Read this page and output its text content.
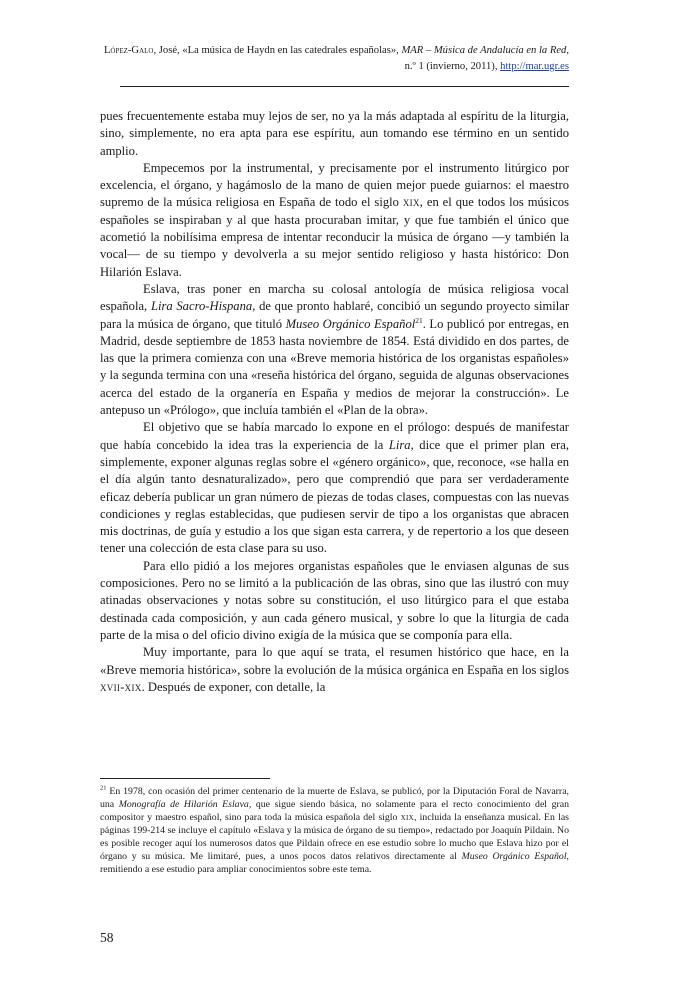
López-Galo, José, «La música de Haydn en las catedrales españolas», MAR – Música de Andalucía en la Red, n.º 1 (invierno, 2011), http://mar.ugr.es

pues frecuentemente estaba muy lejos de ser, no ya la más adaptada al espíritu de la liturgia, sino, simplemente, no era apta para ese espíritu, aun tomando ese término en un sentido amplio.

Empecemos por la instrumental, y precisamente por el instrumento litúrgico por excelencia, el órgano, y hagámoslo de la mano de quien mejor puede guiarnos: el maestro supremo de la música religiosa en España de todo el siglo xix, en el que todos los músicos españoles se inspiraban y al que hasta procuraban imitar, y que fue también el único que acometió la nobilísima empresa de intentar reconducir la música de órgano —y también la vocal— de su tiempo y devolverla a su mejor sentido religioso y hasta histórico: Don Hilarión Eslava.

Eslava, tras poner en marcha su colosal antología de música religiosa vocal española, Lira Sacro-Hispana, de que pronto hablaré, concibió un segundo proyecto similar para la música de órgano, que tituló Museo Orgánico Español$^{21}$. Lo publicó por entregas, en Madrid, desde septiembre de 1853 hasta noviembre de 1854. Está dividido en dos partes, de las que la primera comienza con una «Breve memoria histórica de los organistas españoles» y la segunda termina con una «reseña histórica del órgano, seguida de algunas observaciones acerca del estado de la organería en España y medios de mejorar la construcción». Le antepuso un «Prólogo», que incluía también el «Plan de la obra».

El objetivo que se había marcado lo expone en el prólogo: después de manifestar que había concebido la idea tras la experiencia de la Lira, dice que el primer plan era, simplemente, exponer algunas reglas sobre el «género orgánico», que, reconoce, «se halla en el día algún tanto desnaturalizado», pero que comprendió que para ser verdaderamente eficaz debería publicar un gran número de piezas de todas clases, compuestas con las nuevas condiciones y reglas establecidas, que pudiesen servir de tipo a los organistas que abracen mis doctrinas, de guía y estudio a los que sigan esta carrera, y de repertorio a los que deseen tener una colección de esta clase para su uso.

Para ello pidió a los mejores organistas españoles que le enviasen algunas de sus composiciones. Pero no se limitó a la publicación de las obras, sino que las ilustró con muy atinadas observaciones y notas sobre su constitución, el uso litúrgico para el que estaba destinada cada composición, y aun cada género musical, y sobre lo que la liturgia de cada parte de la misa o del oficio divino exigía de la música que se componía para ella.

Muy importante, para lo que aquí se trata, el resumen histórico que hace, en la «Breve memoria histórica», sobre la evolución de la música orgánica en España en los siglos xvii-xix. Después de exponer, con detalle, la

$^{21}$ En 1978, con ocasión del primer centenario de la muerte de Eslava, se publicó, por la Diputación Foral de Navarra, una Monografía de Hilarión Eslava, que sigue siendo básica, no solamente para el recto conocimiento del gran compositor y maestro español, sino para toda la música española del siglo xix, incluida la enseñanza musical. En las páginas 199-214 se incluye el capítulo «Eslava y la música de órgano de su tiempo», redactado por Joaquín Pildain. No es posible recoger aquí los numerosos datos que Pildain ofrece en ese estudio sobre lo mucho que Eslava hizo por el órgano y su música. Me limitaré, pues, a unos pocos datos relativos directamente al Museo Orgánico Español, remitiendo a ese estudio para ampliar conocimientos sobre este tema.
58
